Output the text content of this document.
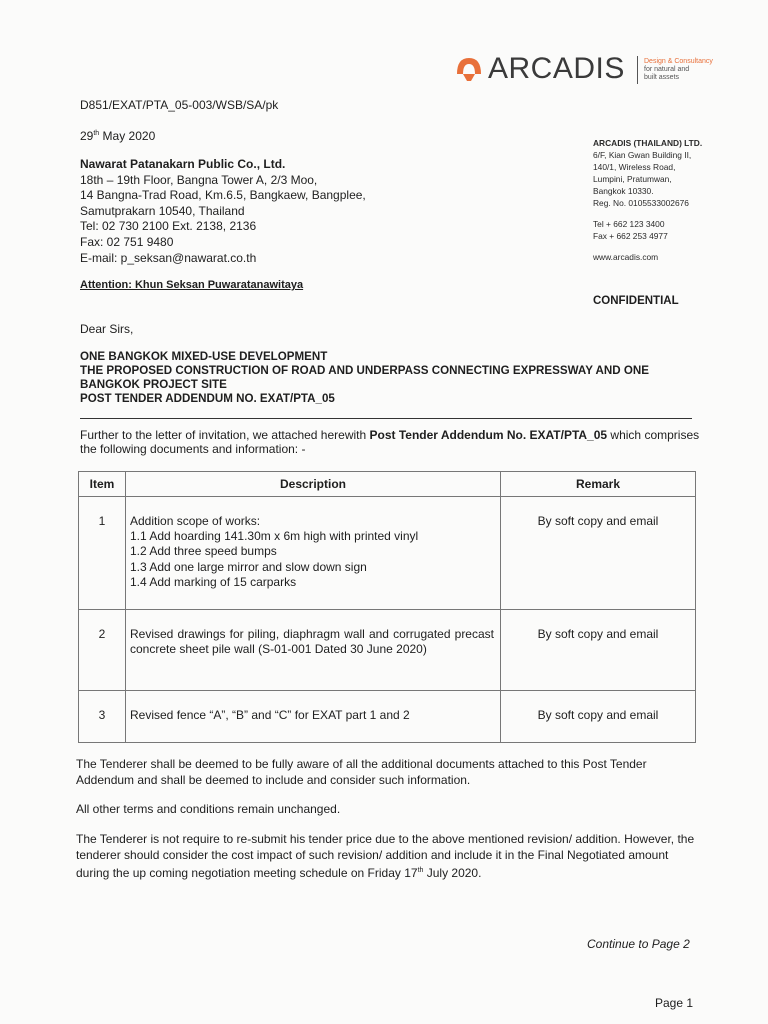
ARCADIS	Design & Consultancy
for natural and
built assets
D851/EXAT/PTA_05-003/WSB/SA/pk
29th May 2020
Nawarat Patanakarn Public Co., Ltd.
18th – 19th Floor, Bangna Tower A, 2/3 Moo,
14 Bangna-Trad Road, Km.6.5, Bangkaew, Bangplee,
Samutprakarn 10540, Thailand
Tel: 02 730 2100 Ext. 2138, 2136
Fax: 02 751 9480
E-mail: p_seksan@nawarat.co.th
Attention: Khun Seksan Puwaratanawitaya
ARCADIS (THAILAND) LTD.
6/F, Kian Gwan Building II,
140/1, Wireless Road,
Lumpini, Pratumwan,
Bangkok 10330.
Reg. No. 0105533002676
Tel + 662 123 3400
Fax + 662 253 4977
www.arcadis.com
CONFIDENTIAL
Dear Sirs,
ONE BANGKOK MIXED-USE DEVELOPMENT
THE PROPOSED CONSTRUCTION OF ROAD AND UNDERPASS CONNECTING EXPRESSWAY AND ONE BANGKOK PROJECT SITE
POST TENDER ADDENDUM NO. EXAT/PTA_05
Further to the letter of invitation, we attached herewith Post Tender Addendum No. EXAT/PTA_05 which comprises the following documents and information: -
Item	Description	Remark
1	Addition scope of works:
1.1 Add hoarding 141.30m x 6m high with printed vinyl
1.2 Add three speed bumps
1.3 Add one large mirror and slow down sign
1.4 Add marking of 15 carparks	By soft copy and email
2	Revised drawings for piling, diaphragm wall and corrugated precast concrete sheet pile wall (S-01-001 Dated 30 June 2020)	By soft copy and email
3	Revised fence “A”, “B” and “C” for EXAT part 1 and 2	By soft copy and email
The Tenderer shall be deemed to be fully aware of all the additional documents attached to this Post Tender Addendum and shall be deemed to include and consider such information.
All other terms and conditions remain unchanged.
The Tenderer is not require to re-submit his tender price due to the above mentioned revision/ addition. However, the tenderer should consider the cost impact of such revision/ addition and include it in the Final Negotiated amount during the up coming negotiation meeting schedule on Friday 17th July 2020.
Continue to Page 2
Page 1
